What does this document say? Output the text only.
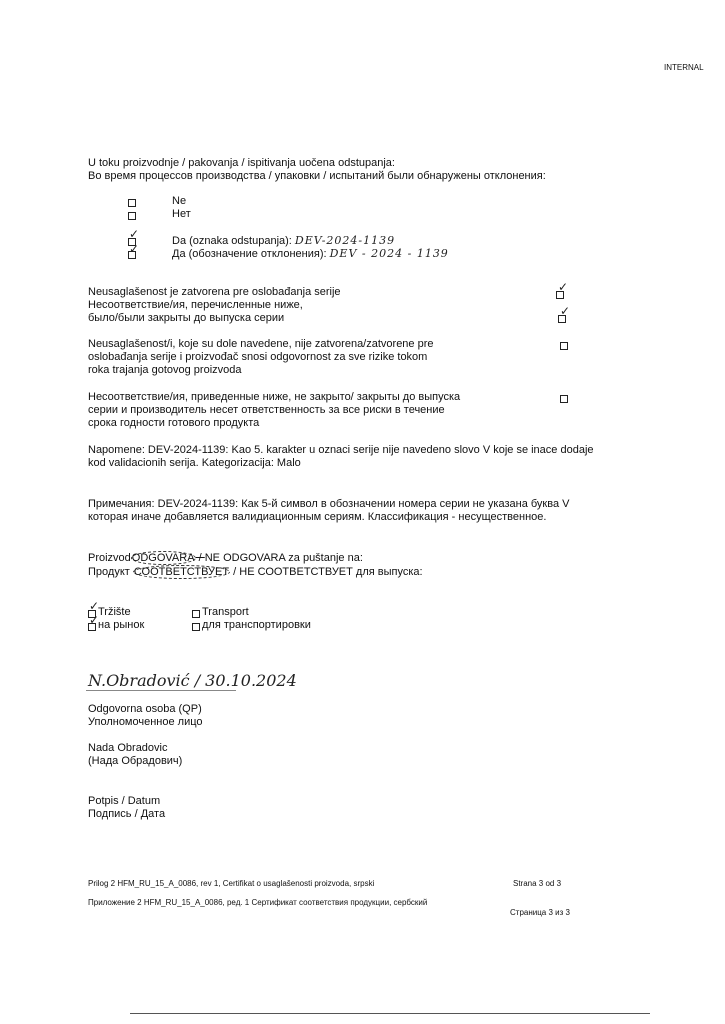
INTERNAL
U toku proizvodnje / pakovanja / ispitivanja uočena odstupanja:
Во время процессов производства / упаковки / испытаний были обнаружены отклонения:
Ne
Нет
✓	Da (oznaka odstupanja): DEV-2024-1139
✓	Да (обозначение отклонения): DEV - 2024 - 1139
Neusaglašenost je zatvorena pre oslobađanja serije
Несоответствие/ия, перечисленные ниже,
было/были закрыты до выпуска серии
✓
✓
Neusaglašenost/i, koje su dole navedene, nije zatvorena/zatvorene pre
oslobađanja serije i proizvođač snosi odgovornost za sve rizike tokom
roka trajanja gotovog proizvoda
Несоответствие/ия, приведенные ниже, не закрыто/ закрыты до выпуска
серии и производитель несет ответственность за все риски в течение
срока годности готового продукта
Napomene: DEV-2024-1139: Kao 5. karakter u oznaci serije nije navedeno slovo V koje se inace dodaje
kod validacionih serija. Kategorizacija: Malo
Примечания: DEV-2024-1139: Как 5-й символ в обозначении номера серии не указана буква V
которая иначе добавляется валидиационным сериям. Классификация - несущественное.
ProizvodODGOVARA / NE ODGOVARA za puštanje na:
Продукт СООТВЕТСТВУЕТ / НЕ СООТВЕТСТВУЕТ для выпуска:
✓
Tržište
✓
на рынок
Transport
для транспортировки
N.Obradović / 30.10.2024
Odgovorna osoba (QP)
Уполномоченное лицо
Nada Obradovic
(Нада Обрадович)
Potpis / Datum
Подпись / Дата
Prilog 2 HFM_RU_15_A_0086, rev 1, Certifikat o usaglašenosti proizvoda, srpski	Strana 3 od 3
Приложение 2 HFM_RU_15_A_0086, ред. 1 Сертификат соответствия продукции, сербский
Страница 3 из 3
